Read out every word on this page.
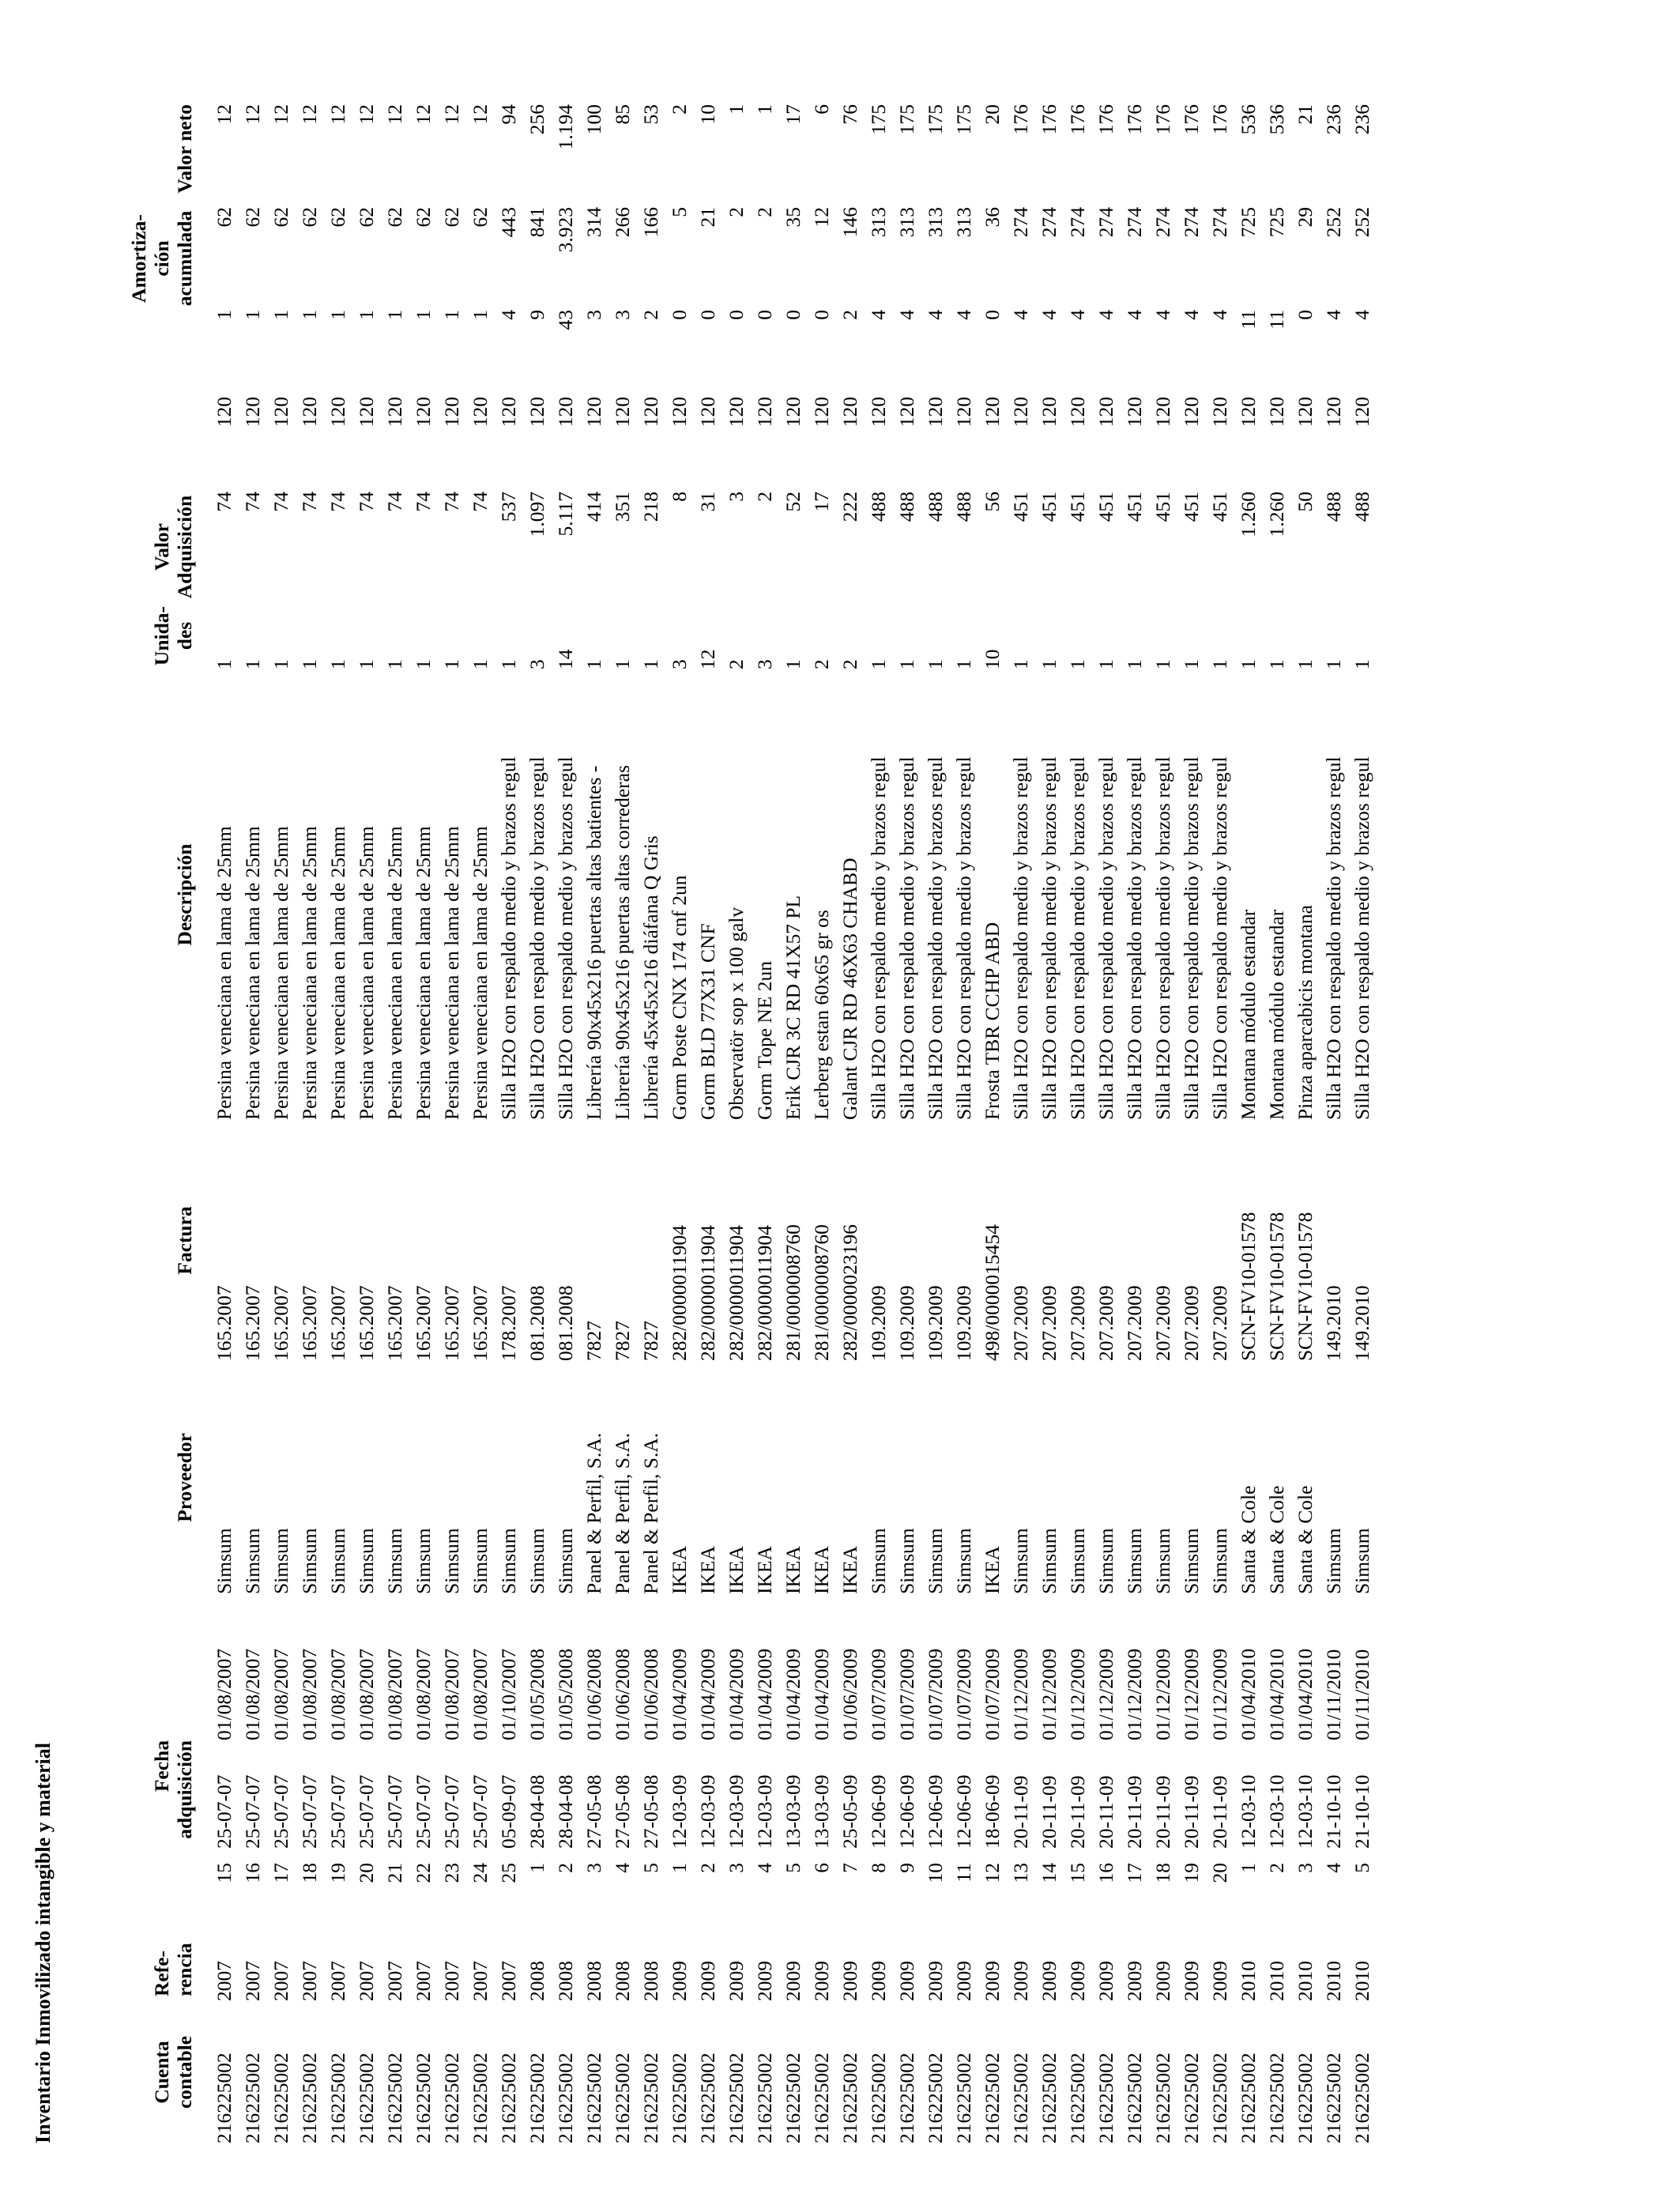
Inventario Inmovilizado intangible y material	Cuenta
contable	Refe-
rencia		Fecha
adquisición		Proveedor	Factura	Descripción	Unida-
des	Valor
Adquisición			Amortiza-
ción
acumulada	Valor neto
216225002	2007	15	25-07-07	01/08/2007	Simsum	165.2007	Persina veneciana en lama de 25mm	1	74	120	1	62	12
216225002	2007	16	25-07-07	01/08/2007	Simsum	165.2007	Persina veneciana en lama de 25mm	1	74	120	1	62	12
216225002	2007	17	25-07-07	01/08/2007	Simsum	165.2007	Persina veneciana en lama de 25mm	1	74	120	1	62	12
216225002	2007	18	25-07-07	01/08/2007	Simsum	165.2007	Persina veneciana en lama de 25mm	1	74	120	1	62	12
216225002	2007	19	25-07-07	01/08/2007	Simsum	165.2007	Persina veneciana en lama de 25mm	1	74	120	1	62	12
216225002	2007	20	25-07-07	01/08/2007	Simsum	165.2007	Persina veneciana en lama de 25mm	1	74	120	1	62	12
216225002	2007	21	25-07-07	01/08/2007	Simsum	165.2007	Persina veneciana en lama de 25mm	1	74	120	1	62	12
216225002	2007	22	25-07-07	01/08/2007	Simsum	165.2007	Persina veneciana en lama de 25mm	1	74	120	1	62	12
216225002	2007	23	25-07-07	01/08/2007	Simsum	165.2007	Persina veneciana en lama de 25mm	1	74	120	1	62	12
216225002	2007	24	25-07-07	01/08/2007	Simsum	165.2007	Persina veneciana en lama de 25mm	1	74	120	1	62	12
216225002	2007	25	05-09-07	01/10/2007	Simsum	178.2007	Silla H2O con respaldo medio y brazos regul	1	537	120	4	443	94
216225002	2008	1	28-04-08	01/05/2008	Simsum	081.2008	Silla H2O con respaldo medio y brazos regul	3	1.097	120	9	841	256
216225002	2008	2	28-04-08	01/05/2008	Simsum	081.2008	Silla H2O con respaldo medio y brazos regul	14	5.117	120	43	3.923	1.194
216225002	2008	3	27-05-08	01/06/2008	Panel & Perfil, S.A.	7827	Librería 90x45x216 puertas altas batientes -	1	414	120	3	314	100
216225002	2008	4	27-05-08	01/06/2008	Panel & Perfil, S.A.	7827	Librería 90x45x216 puertas altas correderas	1	351	120	3	266	85
216225002	2008	5	27-05-08	01/06/2008	Panel & Perfil, S.A.	7827	Librería 45x45x216 diáfana Q Gris	1	218	120	2	166	53
216225002	2009	1	12-03-09	01/04/2009	IKEA	282/0000011904	Gorm Poste CNX 174 cnf 2un	3	8	120	0	5	2
216225002	2009	2	12-03-09	01/04/2009	IKEA	282/0000011904	Gorm BLD 77X31 CNF	12	31	120	0	21	10
216225002	2009	3	12-03-09	01/04/2009	IKEA	282/0000011904	Observatör sop x 100 galv	2	3	120	0	2	1
216225002	2009	4	12-03-09	01/04/2009	IKEA	282/0000011904	Gorm Tope NE 2un	3	2	120	0	2	1
216225002	2009	5	13-03-09	01/04/2009	IKEA	281/0000008760	Erik CJR 3C RD 41X57 PL	1	52	120	0	35	17
216225002	2009	6	13-03-09	01/04/2009	IKEA	281/0000008760	Lerberg estan 60x65 gr os	2	17	120	0	12	6
216225002	2009	7	25-05-09	01/06/2009	IKEA	282/0000023196	Galant CJR RD 46X63 CHABD	2	222	120	2	146	76
216225002	2009	8	12-06-09	01/07/2009	Simsum	109.2009	Silla H2O con respaldo medio y brazos regul	1	488	120	4	313	175
216225002	2009	9	12-06-09	01/07/2009	Simsum	109.2009	Silla H2O con respaldo medio y brazos regul	1	488	120	4	313	175
216225002	2009	10	12-06-09	01/07/2009	Simsum	109.2009	Silla H2O con respaldo medio y brazos regul	1	488	120	4	313	175
216225002	2009	11	12-06-09	01/07/2009	Simsum	109.2009	Silla H2O con respaldo medio y brazos regul	1	488	120	4	313	175
216225002	2009	12	18-06-09	01/07/2009	IKEA	498/0000015454	Frosta TBR CCHP ABD	10	56	120	0	36	20
216225002	2009	13	20-11-09	01/12/2009	Simsum	207.2009	Silla H2O con respaldo medio y brazos regul	1	451	120	4	274	176
216225002	2009	14	20-11-09	01/12/2009	Simsum	207.2009	Silla H2O con respaldo medio y brazos regul	1	451	120	4	274	176
216225002	2009	15	20-11-09	01/12/2009	Simsum	207.2009	Silla H2O con respaldo medio y brazos regul	1	451	120	4	274	176
216225002	2009	16	20-11-09	01/12/2009	Simsum	207.2009	Silla H2O con respaldo medio y brazos regul	1	451	120	4	274	176
216225002	2009	17	20-11-09	01/12/2009	Simsum	207.2009	Silla H2O con respaldo medio y brazos regul	1	451	120	4	274	176
216225002	2009	18	20-11-09	01/12/2009	Simsum	207.2009	Silla H2O con respaldo medio y brazos regul	1	451	120	4	274	176
216225002	2009	19	20-11-09	01/12/2009	Simsum	207.2009	Silla H2O con respaldo medio y brazos regul	1	451	120	4	274	176
216225002	2009	20	20-11-09	01/12/2009	Simsum	207.2009	Silla H2O con respaldo medio y brazos regul	1	451	120	4	274	176
216225002	2010	1	12-03-10	01/04/2010	Santa & Cole	SCN-FV10-01578	Montana módulo estandar	1	1.260	120	11	725	536
216225002	2010	2	12-03-10	01/04/2010	Santa & Cole	SCN-FV10-01578	Montana módulo estandar	1	1.260	120	11	725	536
216225002	2010	3	12-03-10	01/04/2010	Santa & Cole	SCN-FV10-01578	Pinza aparcabicis montana	1	50	120	0	29	21
216225002	2010	4	21-10-10	01/11/2010	Simsum	149.2010	Silla H2O con respaldo medio y brazos regul	1	488	120	4	252	236
216225002	2010	5	21-10-10	01/11/2010	Simsum	149.2010	Silla H2O con respaldo medio y brazos regul	1	488	120	4	252	236
